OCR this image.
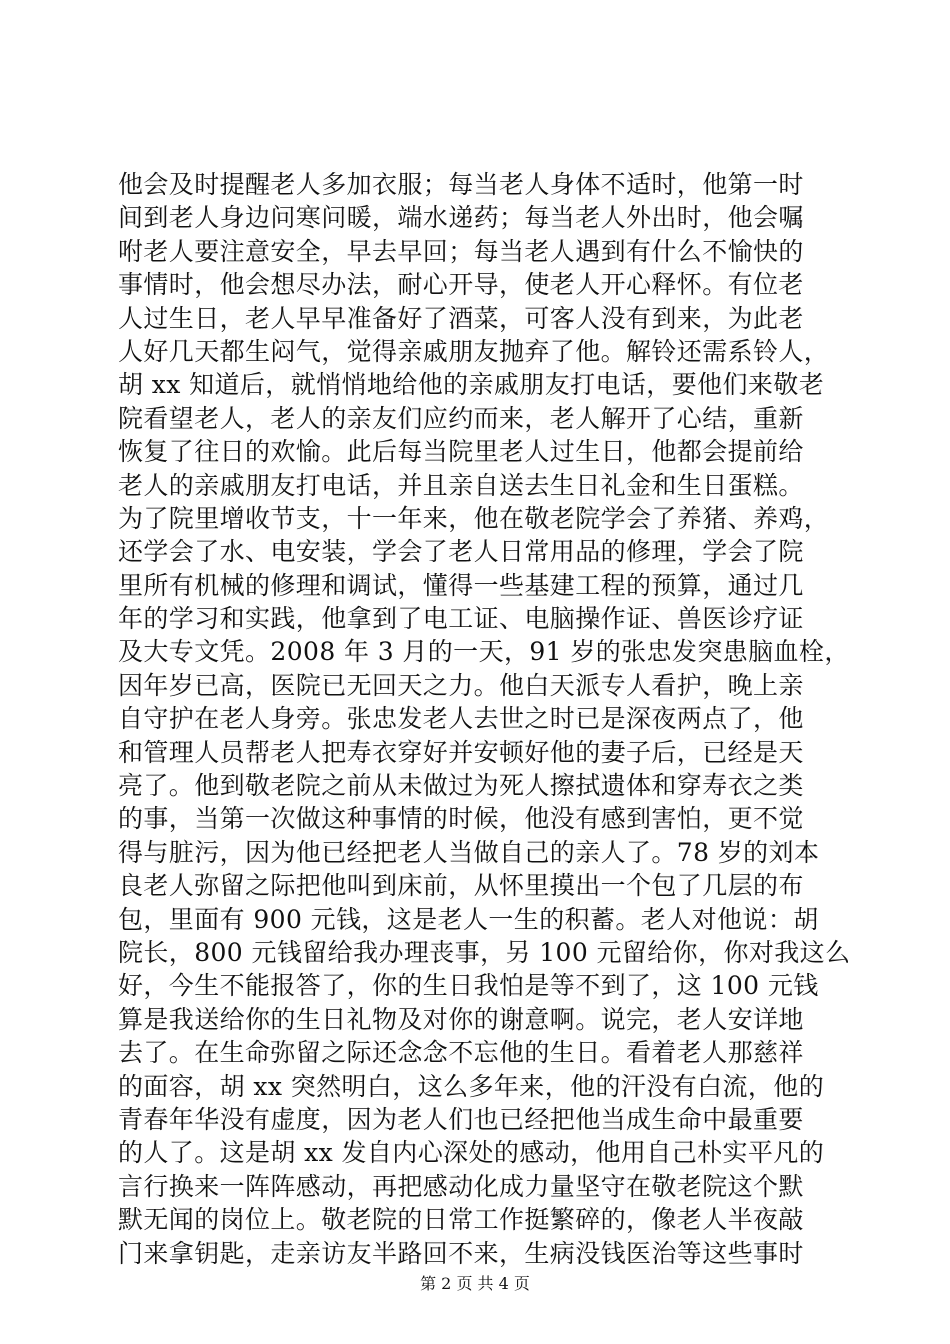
他会及时提醒老人多加衣服；每当老人身体不适时，他第一时
间到老人身边问寒问暖，端水递药；每当老人外出时，他会嘱
咐老人要注意安全，早去早回；每当老人遇到有什么不愉快的
事情时，他会想尽办法，耐心开导，使老人开心释怀。有位老
人过生日，老人早早准备好了酒菜，可客人没有到来，为此老
人好几天都生闷气，觉得亲戚朋友抛弃了他。解铃还需系铃人，
胡 xx 知道后，就悄悄地给他的亲戚朋友打电话，要他们来敬老
院看望老人，老人的亲友们应约而来，老人解开了心结，重新
恢复了往日的欢愉。此后每当院里老人过生日，他都会提前给
老人的亲戚朋友打电话，并且亲自送去生日礼金和生日蛋糕。
为了院里增收节支，十一年来，他在敬老院学会了养猪、养鸡，
还学会了水、电安装，学会了老人日常用品的修理，学会了院
里所有机械的修理和调试，懂得一些基建工程的预算，通过几
年的学习和实践，他拿到了电工证、电脑操作证、兽医诊疗证
及大专文凭。2008 年 3 月的一天，91 岁的张忠发突患脑血栓，
因年岁已高，医院已无回天之力。他白天派专人看护，晚上亲
自守护在老人身旁。张忠发老人去世之时已是深夜两点了，他
和管理人员帮老人把寿衣穿好并安顿好他的妻子后，已经是天
亮了。他到敬老院之前从未做过为死人擦拭遗体和穿寿衣之类
的事，当第一次做这种事情的时候，他没有感到害怕，更不觉
得与脏污，因为他已经把老人当做自己的亲人了。78 岁的刘本
良老人弥留之际把他叫到床前，从怀里摸出一个包了几层的布
包，里面有 900 元钱，这是老人一生的积蓄。老人对他说：胡
院长，800 元钱留给我办理丧事，另 100 元留给你，你对我这么
好，今生不能报答了，你的生日我怕是等不到了，这 100 元钱
算是我送给你的生日礼物及对你的谢意啊。说完，老人安详地
去了。在生命弥留之际还念念不忘他的生日。看着老人那慈祥
的面容，胡 xx 突然明白，这么多年来，他的汗没有白流，他的
青春年华没有虚度，因为老人们也已经把他当成生命中最重要
的人了。这是胡 xx 发自内心深处的感动，他用自己朴实平凡的
言行换来一阵阵感动，再把感动化成力量坚守在敬老院这个默
默无闻的岗位上。敬老院的日常工作挺繁碎的，像老人半夜敲
门来拿钥匙，走亲访友半路回不来，生病没钱医治等这些事时
第 2 页 共 4 页
